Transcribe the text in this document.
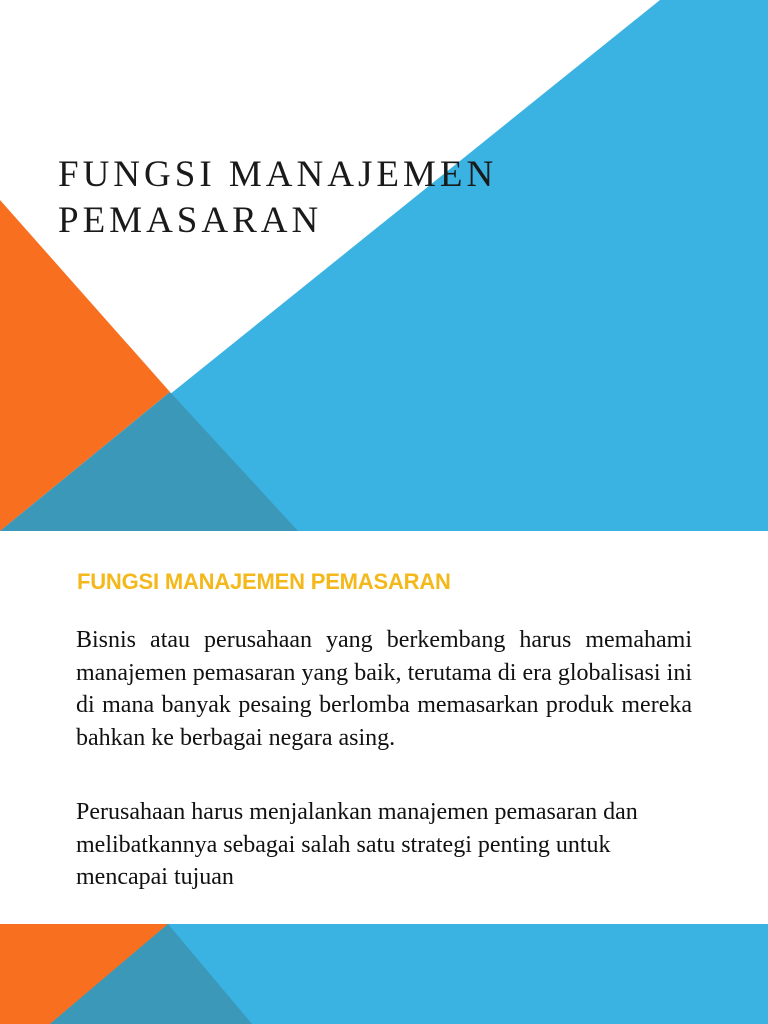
FUNGSI MANAJEMEN
PEMASARAN
FUNGSI MANAJEMEN PEMASARAN

Bisnis atau perusahaan yang berkembang harus memahami manajemen pemasaran yang baik, terutama di era globalisasi ini di mana banyak pesaing berlomba memasarkan produk mereka bahkan ke berbagai negara asing.

Perusahaan harus menjalankan manajemen pemasaran dan melibatkannya sebagai salah satu strategi penting untuk mencapai tujuan
